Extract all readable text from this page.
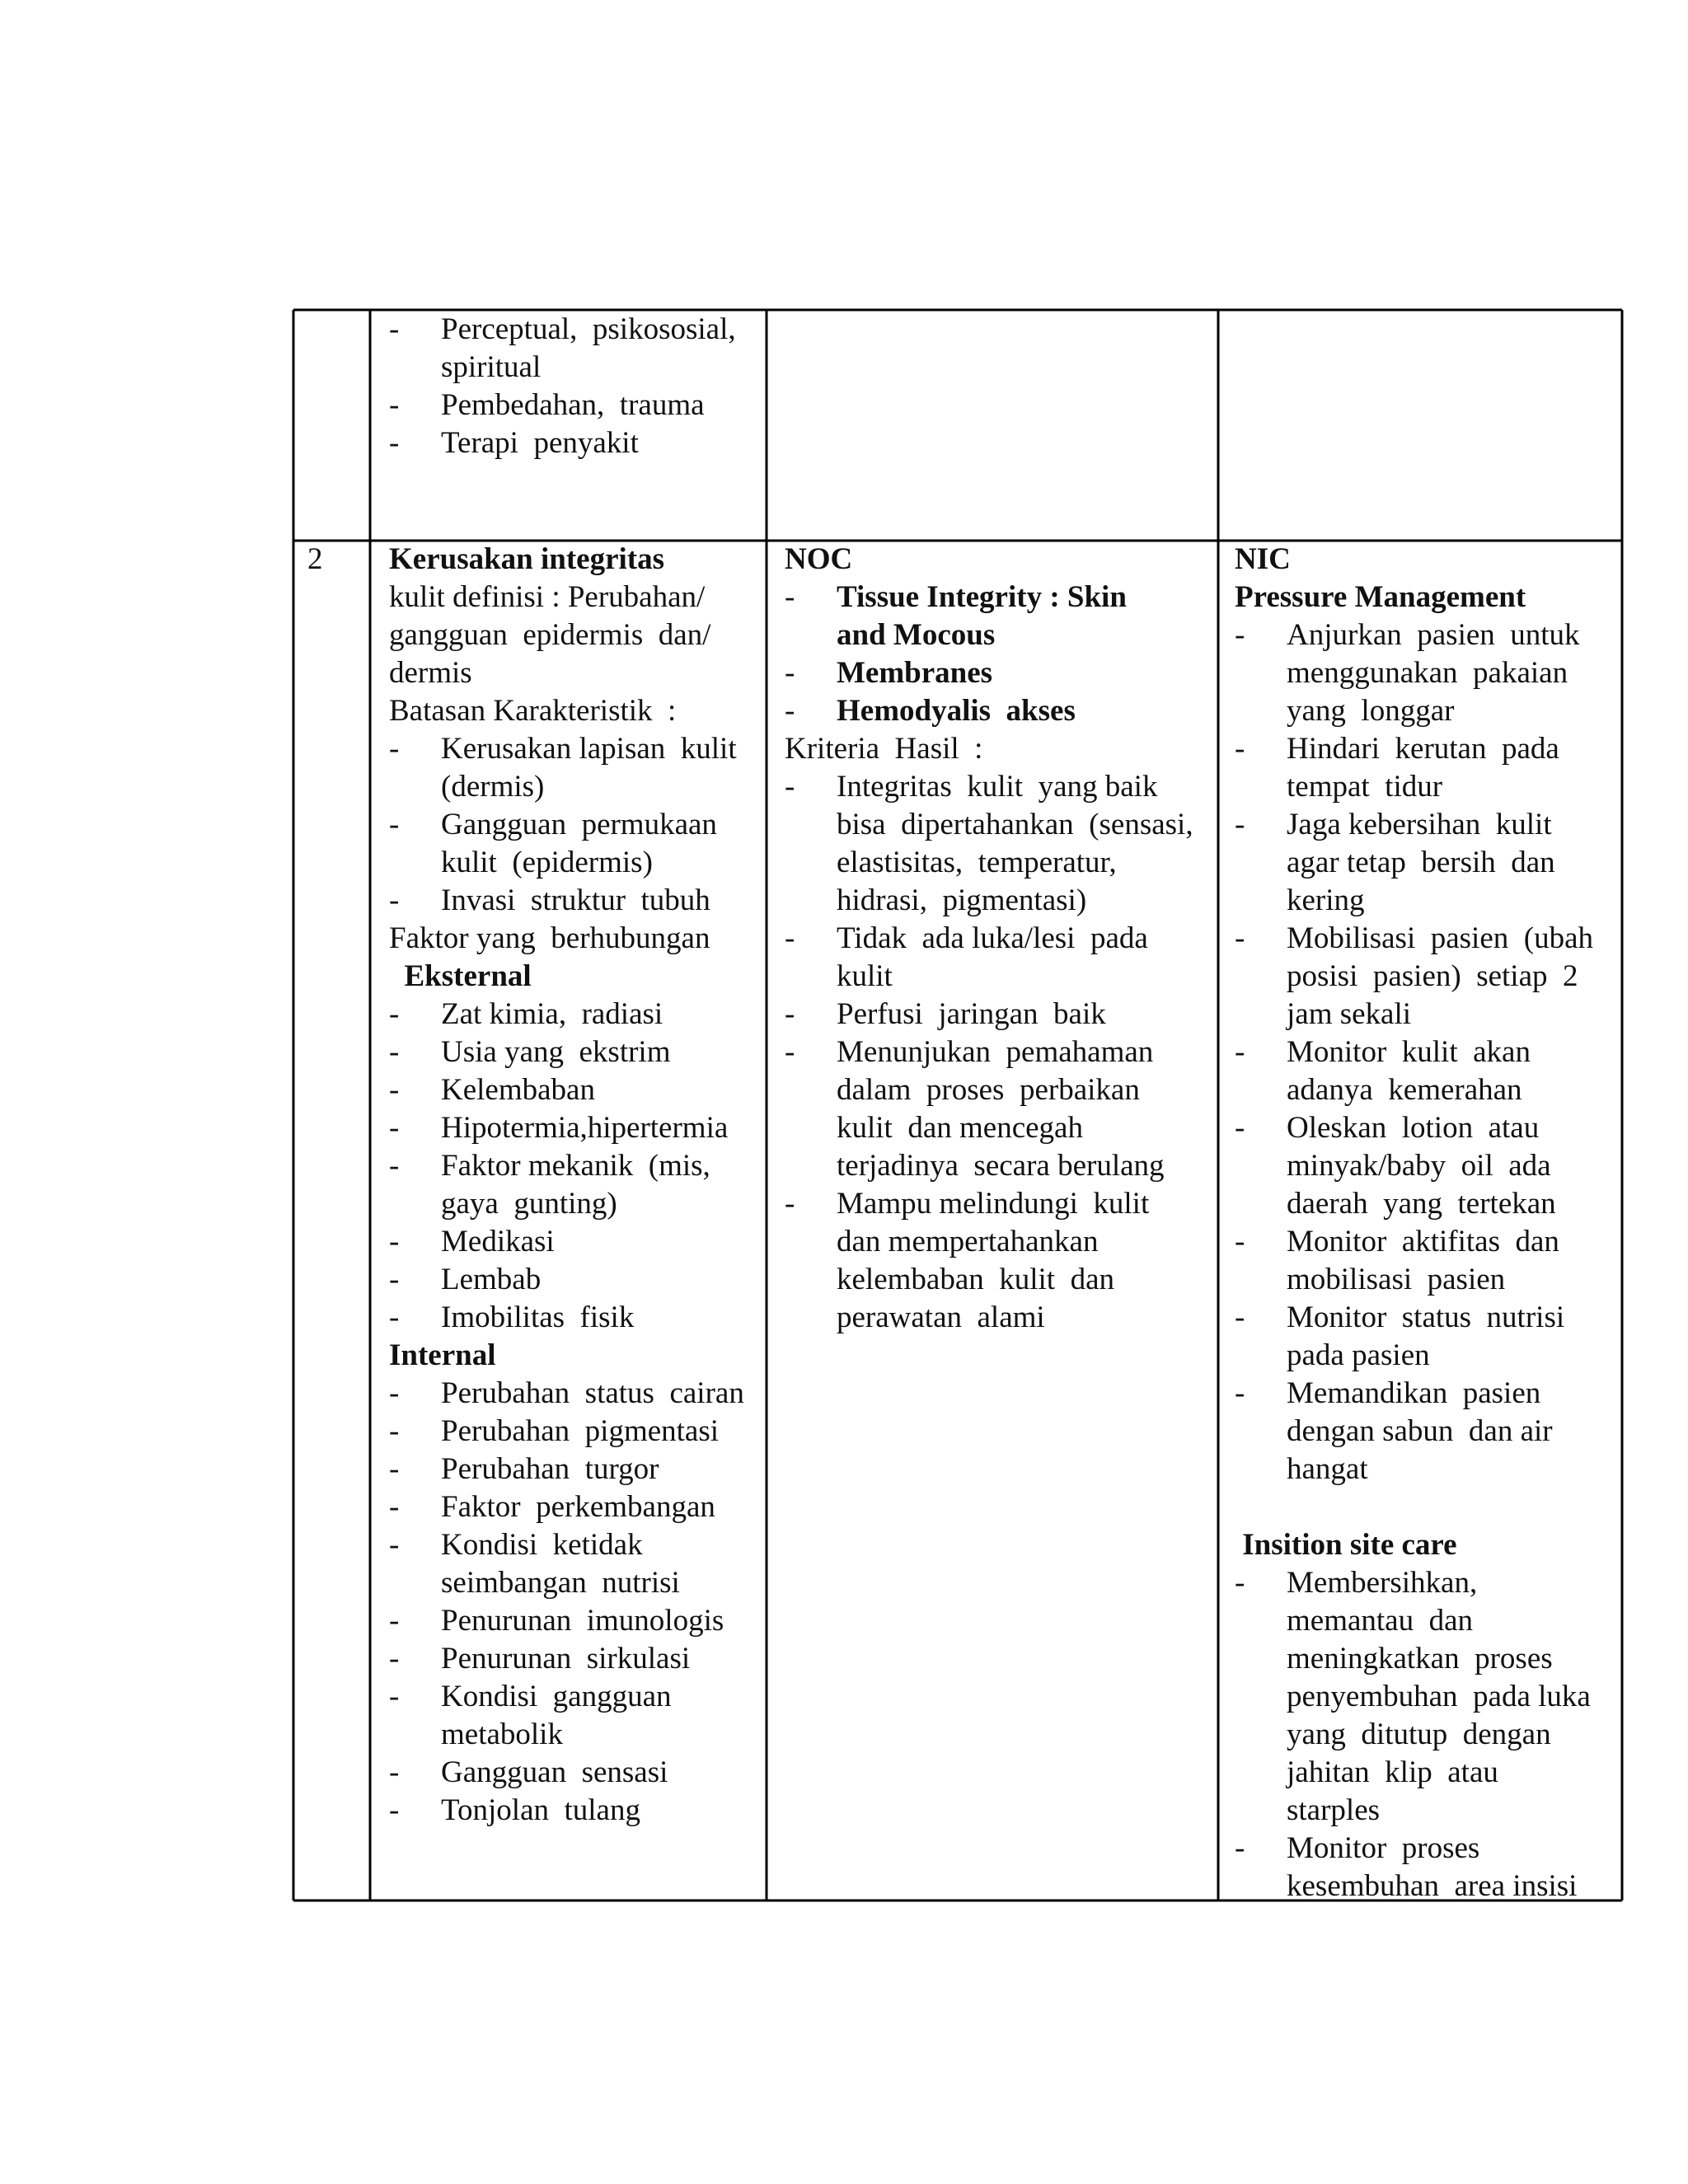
- Perceptual,  psikososial,
spiritual
- Pembedahan,  trauma
- Terapi  penyakit
2 Kerusakan integritas
kulit definisi : Perubahan/
gangguan  epidermis  dan/
dermis
Batasan Karakteristik  :
- Kerusakan lapisan  kulit
(dermis)
- Gangguan  permukaan
kulit  (epidermis)
- Invasi  struktur  tubuh
Faktor yang  berhubungan
Eksternal
- Zat kimia,  radiasi
- Usia yang  ekstrim
- Kelembaban
- Hipotermia,hipertermia
- Faktor mekanik  (mis,
gaya  gunting)
- Medikasi
- Lembab
- Imobilitas  fisik
Internal
- Perubahan  status  cairan
- Perubahan  pigmentasi
- Perubahan  turgor
- Faktor  perkembangan
- Kondisi  ketidak
seimbangan  nutrisi
- Penurunan  imunologis
- Penurunan  sirkulasi
- Kondisi  gangguan
metabolik
- Gangguan  sensasi
- Tonjolan  tulang
NOC
- Tissue Integrity : Skin
and Mocous
- Membranes
- Hemodyalis  akses
Kriteria  Hasil  :
- Integritas  kulit  yang baik
bisa  dipertahankan  (sensasi,
elastisitas,  temperatur,
hidrasi,  pigmentasi)
- Tidak  ada luka/lesi  pada
kulit
- Perfusi  jaringan  baik
- Menunjukan  pemahaman
dalam  proses  perbaikan
kulit  dan mencegah
terjadinya  secara berulang
- Mampu melindungi  kulit
dan mempertahankan
kelembaban  kulit  dan
perawatan  alami
NIC
Pressure Management
- Anjurkan  pasien  untuk
menggunakan  pakaian
yang  longgar
- Hindari  kerutan  pada
tempat  tidur
- Jaga kebersihan  kulit
agar tetap  bersih  dan
kering
- Mobilisasi  pasien  (ubah
posisi  pasien)  setiap  2
jam sekali
- Monitor  kulit  akan
adanya  kemerahan
- Oleskan  lotion  atau
minyak/baby  oil  ada
daerah  yang  tertekan
- Monitor  aktifitas  dan
mobilisasi  pasien
- Monitor  status  nutrisi
pada pasien
- Memandikan  pasien
dengan sabun  dan air
hangat
Insition site care
- Membersihkan,
memantau  dan
meningkatkan  proses
penyembuhan  pada luka
yang  ditutup  dengan
jahitan  klip  atau
starples
- Monitor  proses
kesembuhan  area insisi
